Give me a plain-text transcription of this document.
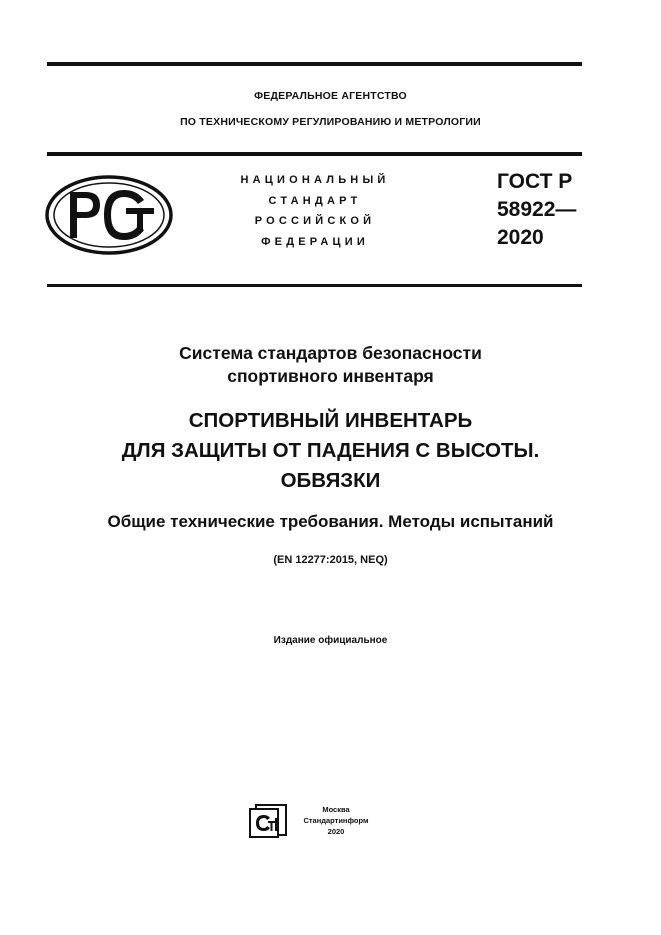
ФЕДЕРАЛЬНОЕ АГЕНТСТВО
ПО ТЕХНИЧЕСКОМУ РЕГУЛИРОВАНИЮ И МЕТРОЛОГИИ
НАЦИОНАЛЬНЫЙ
СТАНДАРТ
РОССИЙСКОЙ
ФЕДЕРАЦИИ
ГОСТ Р
58922—
2020
Система стандартов безопасности
спортивного инвентаря
СПОРТИВНЫЙ ИНВЕНТАРЬ
ДЛЯ ЗАЩИТЫ ОТ ПАДЕНИЯ С ВЫСОТЫ.
ОБВЯЗКИ
Общие технические требования. Методы испытаний
(EN 12277:2015, NEQ)
Издание официальное
Москва
Стандартинформ
2020
